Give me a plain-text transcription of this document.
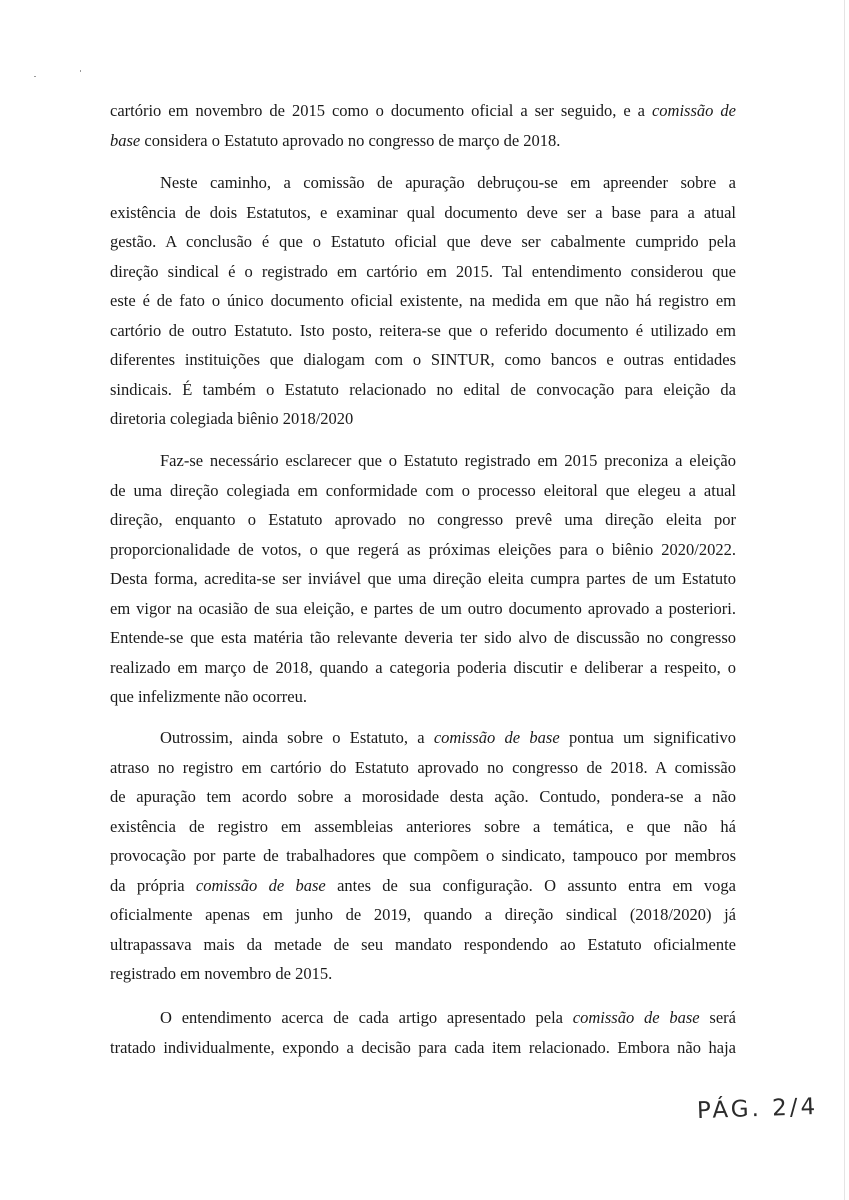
cartório em novembro de 2015 como o documento oficial a ser seguido, e a comissão de
base considera o Estatuto aprovado no congresso de março de 2018.
Neste caminho, a comissão de apuração debruçou-se em apreender sobre a
existência de dois Estatutos, e examinar qual documento deve ser a base para a atual
gestão. A conclusão é que o Estatuto oficial que deve ser cabalmente cumprido pela
direção sindical é o registrado em cartório em 2015. Tal entendimento considerou que
este é de fato o único documento oficial existente, na medida em que não há registro em
cartório de outro Estatuto. Isto posto, reitera-se que o referido documento é utilizado em
diferentes instituições que dialogam com o SINTUR, como bancos e outras entidades
sindicais. É também o Estatuto relacionado no edital de convocação para eleição da
diretoria colegiada biênio 2018/2020
Faz-se necessário esclarecer que o Estatuto registrado em 2015 preconiza a eleição
de uma direção colegiada em conformidade com o processo eleitoral que elegeu a atual
direção, enquanto o Estatuto aprovado no congresso prevê uma direção eleita por
proporcionalidade de votos, o que regerá as próximas eleições para o biênio 2020/2022.
Desta forma, acredita-se ser inviável que uma direção eleita cumpra partes de um Estatuto
em vigor na ocasião de sua eleição, e partes de um outro documento aprovado a posteriori.
Entende-se que esta matéria tão relevante deveria ter sido alvo de discussão no congresso
realizado em março de 2018, quando a categoria poderia discutir e deliberar a respeito, o
que infelizmente não ocorreu.
Outrossim, ainda sobre o Estatuto, a comissão de base pontua um significativo
atraso no registro em cartório do Estatuto aprovado no congresso de 2018. A comissão
de apuração tem acordo sobre a morosidade desta ação. Contudo, pondera-se a não
existência de registro em assembleias anteriores sobre a temática, e que não há
provocação por parte de trabalhadores que compõem o sindicato, tampouco por membros
da própria comissão de base antes de sua configuração. O assunto entra em voga
oficialmente apenas em junho de 2019, quando a direção sindical (2018/2020) já
ultrapassava mais da metade de seu mandato respondendo ao Estatuto oficialmente
registrado em novembro de 2015.
O entendimento acerca de cada artigo apresentado pela comissão de base será
tratado individualmente, expondo a decisão para cada item relacionado. Embora não haja
PÁG. 2/4
